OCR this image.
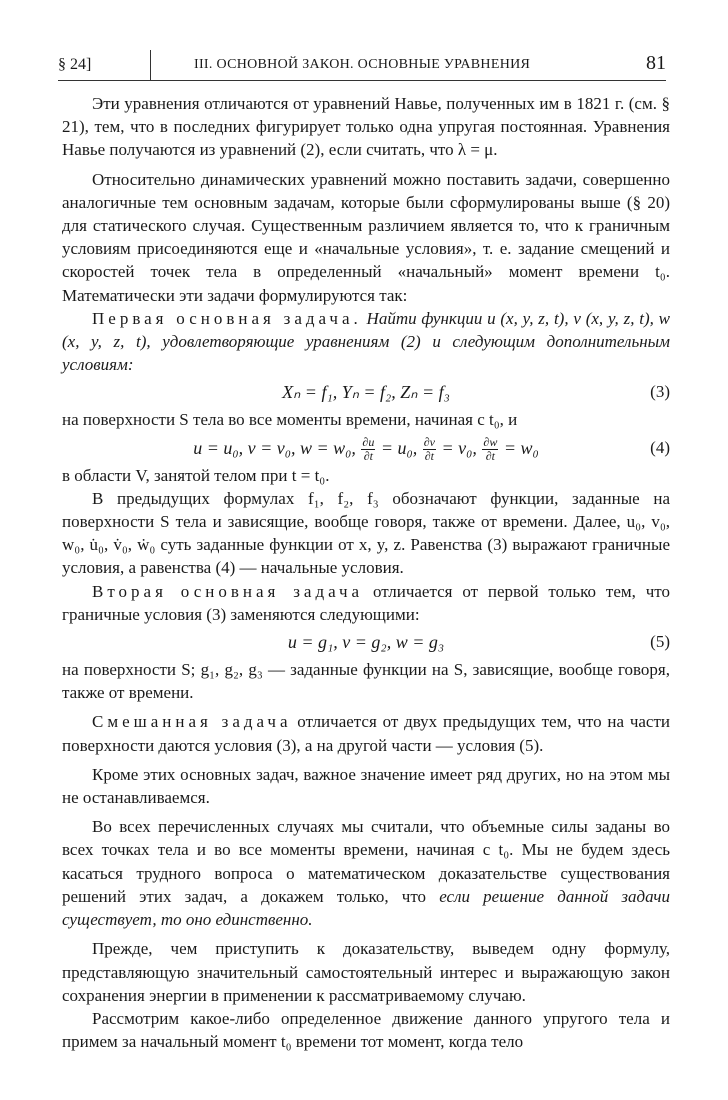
§ 24]	III. ОСНОВНОЙ ЗАКОН. ОСНОВНЫЕ УРАВНЕНИЯ	81

Эти уравнения отличаются от уравнений Навье, полученных им в 1821 г. (см. § 21), тем, что в последних фигурирует только одна упругая постоянная. Уравнения Навье получаются из уравнений (2), если считать, что λ = μ.

Относительно динамических уравнений можно поставить задачи, совершенно аналогичные тем основным задачам, которые были сформулированы выше (§ 20) для статического случая. Существенным различием является то, что к граничным условиям присоединяются еще и «начальные условия», т. е. задание смещений и скоростей точек тела в определенный «начальный» момент времени t₀. Математически эти задачи формулируются так:

Первая основная задача. Найти функции u (x, y, z, t), v (x, y, z, t), w (x, y, z, t), удовлетворяющие уравнениям (2) и следующим дополнительным условиям:

Xₙ = f₁, Yₙ = f₂, Zₙ = f₃	(3)

на поверхности S тела во все моменты времени, начиная с t₀, и

u = u₀, v = v₀, w = w₀, $\frac{\partial u}{\partial t} = u_0$, $\frac{\partial v}{\partial t} = v_0$, $\frac{\partial w}{\partial t} = w_0$	(4)

в области V, занятой телом при t = t₀.

В предыдущих формулах f₁, f₂, f₃ обозначают функции, заданные на поверхности S тела и зависящие, вообще говоря, также от времени. Далее, u₀, v₀, w₀, u̇₀, v̇₀, ẇ₀ суть заданные функции от x, y, z. Равенства (3) выражают граничные условия, а равенства (4) — начальные условия.

Вторая основная задача отличается от первой только тем, что граничные условия (3) заменяются следующими:

u = g₁, v = g₂, w = g₃	(5)

на поверхности S; g₁, g₂, g₃ — заданные функции на S, зависящие, вообще говоря, также от времени.

Смешанная задача отличается от двух предыдущих тем, что на части поверхности даются условия (3), а на другой части — условия (5).

Кроме этих основных задач, важное значение имеет ряд других, но на этом мы не останавливаемся.

Во всех перечисленных случаях мы считали, что объемные силы заданы во всех точках тела и во все моменты времени, начиная с t₀. Мы не будем здесь касаться трудного вопроса о математическом доказательстве существования решений этих задач, а докажем только, что если решение данной задачи существует, то оно единственно.

Прежде, чем приступить к доказательству, выведем одну формулу, представляющую значительный самостоятельный интерес и выражающую закон сохранения энергии в применении к рассматриваемому случаю.

Рассмотрим какое-либо определенное движение данного упругого тела и примем за начальный момент t₀ времени тот момент, когда тело
